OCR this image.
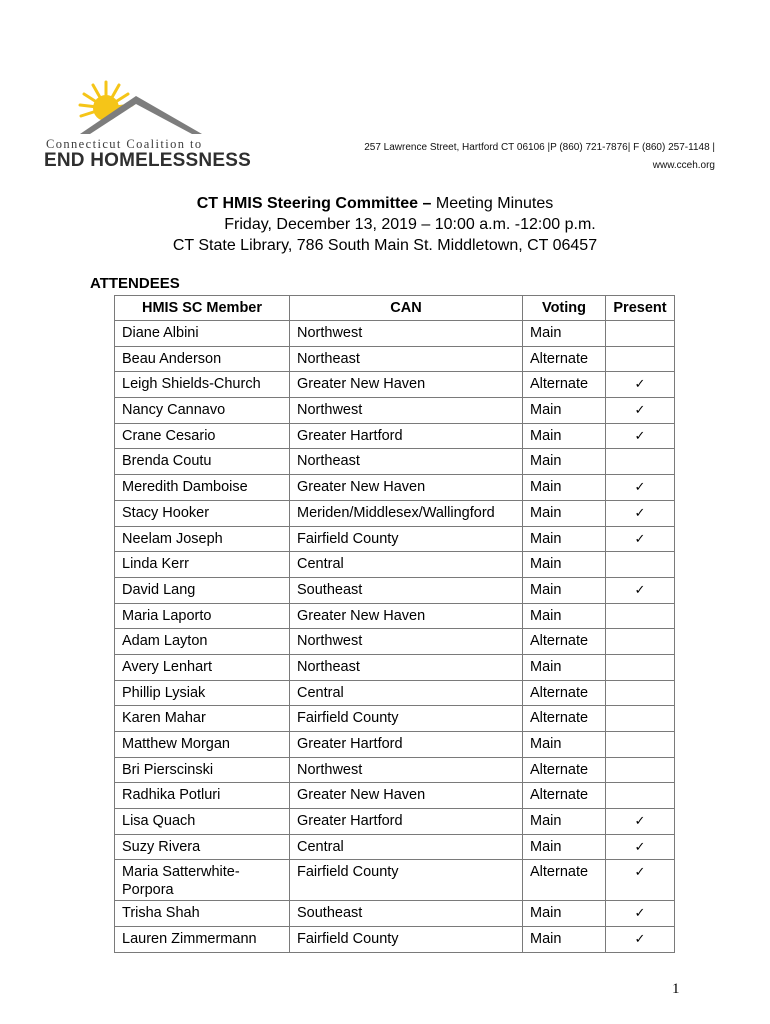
Connecticut Coalition to
END HOMELESSNESS
257 Lawrence Street, Hartford CT 06106 |P (860) 721-7876| F (860) 257-1148 |
www.cceh.org
CT HMIS Steering Committee – Meeting Minutes
Friday, December 13, 2019 – 10:00 a.m. -12:00 p.m.
CT State Library, 786 South Main St. Middletown, CT 06457
ATTENDEES
HMIS SC Member	CAN	Voting	Present
Diane Albini	Northwest	Main	
Beau Anderson	Northeast	Alternate	
Leigh Shields-Church	Greater New Haven	Alternate	✓
Nancy Cannavo	Northwest	Main	✓
Crane Cesario	Greater Hartford	Main	✓
Brenda Coutu	Northeast	Main	
Meredith Damboise	Greater New Haven	Main	✓
Stacy Hooker	Meriden/Middlesex/Wallingford	Main	✓
Neelam Joseph	Fairfield County	Main	✓
Linda Kerr	Central	Main	
David Lang	Southeast	Main	✓
Maria Laporto	Greater New Haven	Main	
Adam Layton	Northwest	Alternate	
Avery Lenhart	Northeast	Main	
Phillip Lysiak	Central	Alternate	
Karen Mahar	Fairfield County	Alternate	
Matthew Morgan	Greater Hartford	Main	
Bri Pierscinski	Northwest	Alternate	
Radhika Potluri	Greater New Haven	Alternate	
Lisa Quach	Greater Hartford	Main	✓
Suzy Rivera	Central	Main	✓
Maria Satterwhite-Porpora	Fairfield County	Alternate	✓
Trisha Shah	Southeast	Main	✓
Lauren Zimmermann	Fairfield County	Main	✓
1
